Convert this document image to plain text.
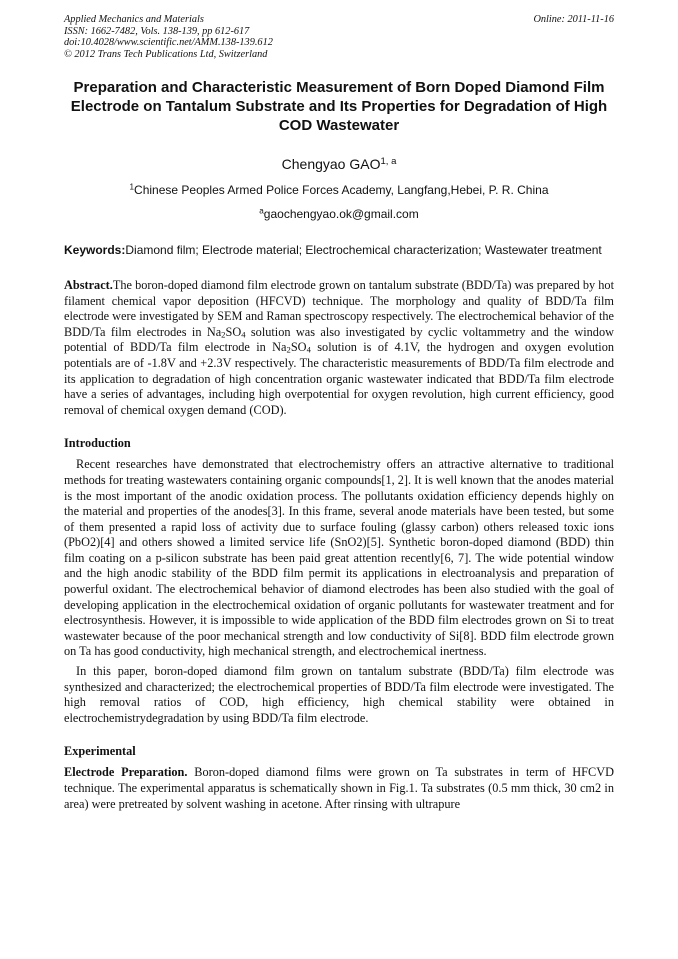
Applied Mechanics and Materials	Online: 2011-11-16
ISSN: 1662-7482, Vols. 138-139, pp 612-617
doi:10.4028/www.scientific.net/AMM.138-139.612
© 2012 Trans Tech Publications Ltd, Switzerland
Preparation and Characteristic Measurement of Born Doped Diamond Film Electrode on Tantalum Substrate and Its Properties for Degradation of High COD Wastewater
Chengyao GAO$^{1, a}$
$^1$Chinese Peoples Armed Police Forces Academy, Langfang,Hebei, P. R. China
$^a$gaochengyao.ok@gmail.com
Keywords:Diamond film; Electrode material; Electrochemical characterization; Wastewater treatment
Abstract.The boron-doped diamond film electrode grown on tantalum substrate (BDD/Ta) was prepared by hot filament chemical vapor deposition (HFCVD) technique. The morphology and quality of BDD/Ta film electrode were investigated by SEM and Raman spectroscopy respectively. The electrochemical behavior of the BDD/Ta film electrodes in $Na_2SO_4$ solution was also investigated by cyclic voltammetry and the window potential of BDD/Ta film electrode in $Na_2SO_4$ solution is of 4.1V, the hydrogen and oxygen evolution potentials are of -1.8V and +2.3V respectively. The characteristic measurements of BDD/Ta film electrode and its application to degradation of high concentration organic wastewater indicated that BDD/Ta film electrode have a series of advantages, including high overpotential for oxygen revolution, high current efficiency, good removal of chemical oxygen demand (COD).
Introduction

Recent researches have demonstrated that electrochemistry offers an attractive alternative to traditional methods for treating wastewaters containing organic compounds[1, 2]. It is well known that the anodes material is the most important of the anodic oxidation process. The pollutants oxidation efficiency depends highly on the material and properties of the anodes[3]. In this frame, several anode materials have been tested, but some of them presented a rapid loss of activity due to surface fouling (glassy carbon) others released toxic ions (PbO2)[4] and others showed a limited service life (SnO2)[5]. Synthetic boron-doped diamond (BDD) thin film coating on a p-silicon substrate has been paid great attention recently[6, 7]. The wide potential window and the high anodic stability of the BDD film permit its applications in electroanalysis and preparation of powerful oxidant. The electrochemical behavior of diamond electrodes has been also studied with the goal of developing application in the electrochemical oxidation of organic pollutants for wastewater treatment and for electrosynthesis. However, it is impossible to wide application of the BDD film electrodes grown on Si to treat wastewater because of the poor mechanical strength and low conductivity of Si[8]. BDD film electrode grown on Ta has good conductivity, high mechanical strength, and electrochemical inertness.

In this paper, boron-doped diamond film grown on tantalum substrate (BDD/Ta) film electrode was synthesized and characterized; the electrochemical properties of BDD/Ta film electrode were investigated. The high removal ratios of COD, high efficiency, high chemical stability were obtained in electrochemistrydegradation by using BDD/Ta film electrode.

Experimental

Electrode Preparation. Boron-doped diamond films were grown on Ta substrates in term of HFCVD technique. The experimental apparatus is schematically shown in Fig.1. Ta substrates (0.5 mm thick, 30 cm2 in area) were pretreated by solvent washing in acetone. After rinsing with ultrapure
